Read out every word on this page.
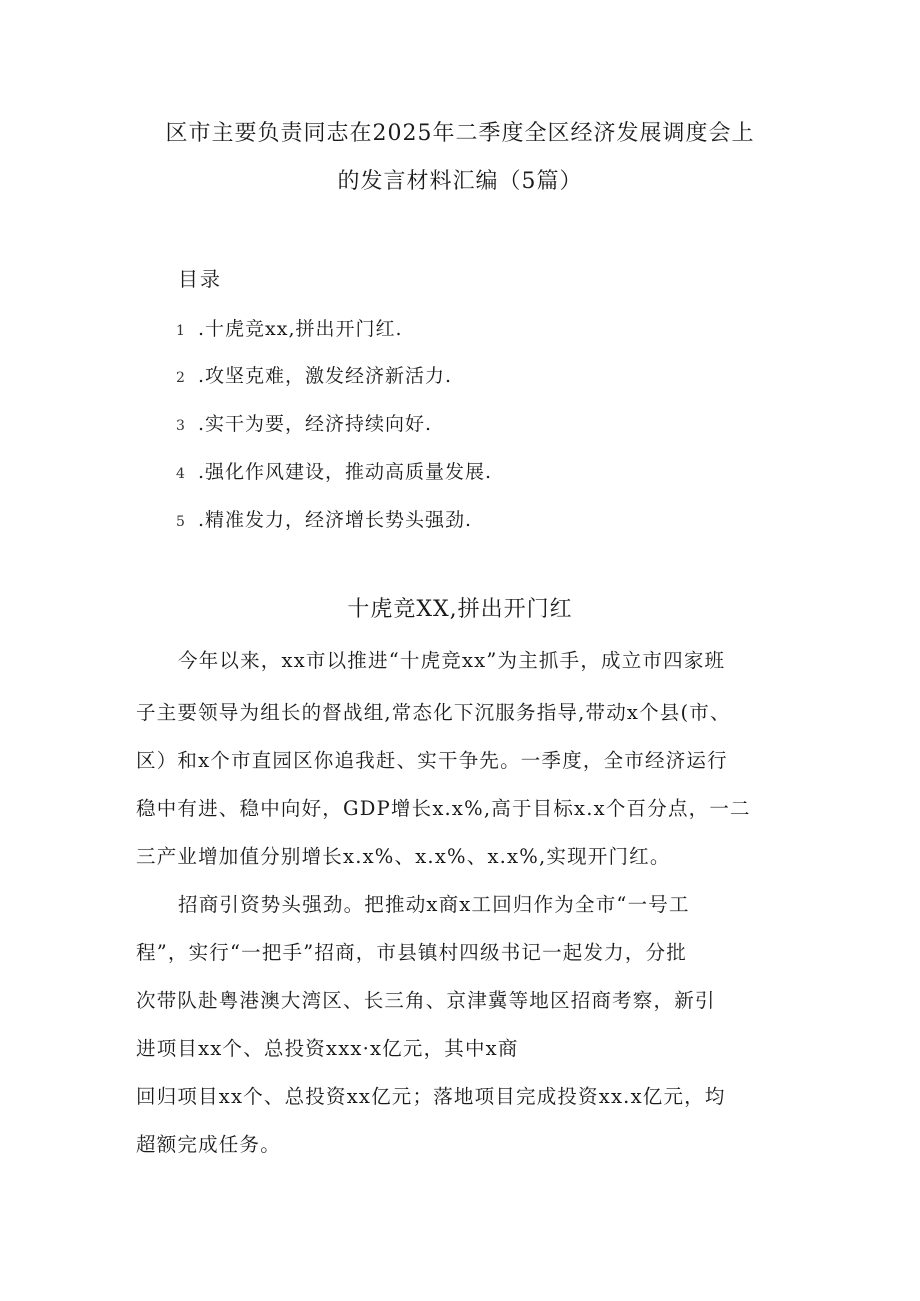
区市主要负责同志在2025年二季度全区经济发展调度会上
的发言材料汇编（5篇）
目录
1 .十虎竞xx,拼出开门红.
2 .攻坚克难，激发经济新活力.
3 .实干为要，经济持续向好.
4 .强化作风建设，推动高质量发展.
5 .精准发力，经济增长势头强劲.
十虎竞XX,拼出开门红

今年以来，xx市以推进“十虎竞xx”为主抓手，成立市四家班

子主要领导为组长的督战组,常态化下沉服务指导,带动x个县(市、

区）和x个市直园区你追我赶、实干争先。一季度，全市经济运行

稳中有进、稳中向好，GDP增长x.x%,高于目标x.x个百分点，一二

三产业增加值分别增长x.x%、x.x%、x.x%,实现开门红。

招商引资势头强劲。把推动x商x工回归作为全市“一号工

程”，实行“一把手”招商，市县镇村四级书记一起发力，分批

次带队赴粤港澳大湾区、长三角、京津冀等地区招商考察，新引

进项目xx个、总投资xxx·x亿元，其中x商

回归项目xx个、总投资xx亿元；落地项目完成投资xx.x亿元，均

超额完成任务。
